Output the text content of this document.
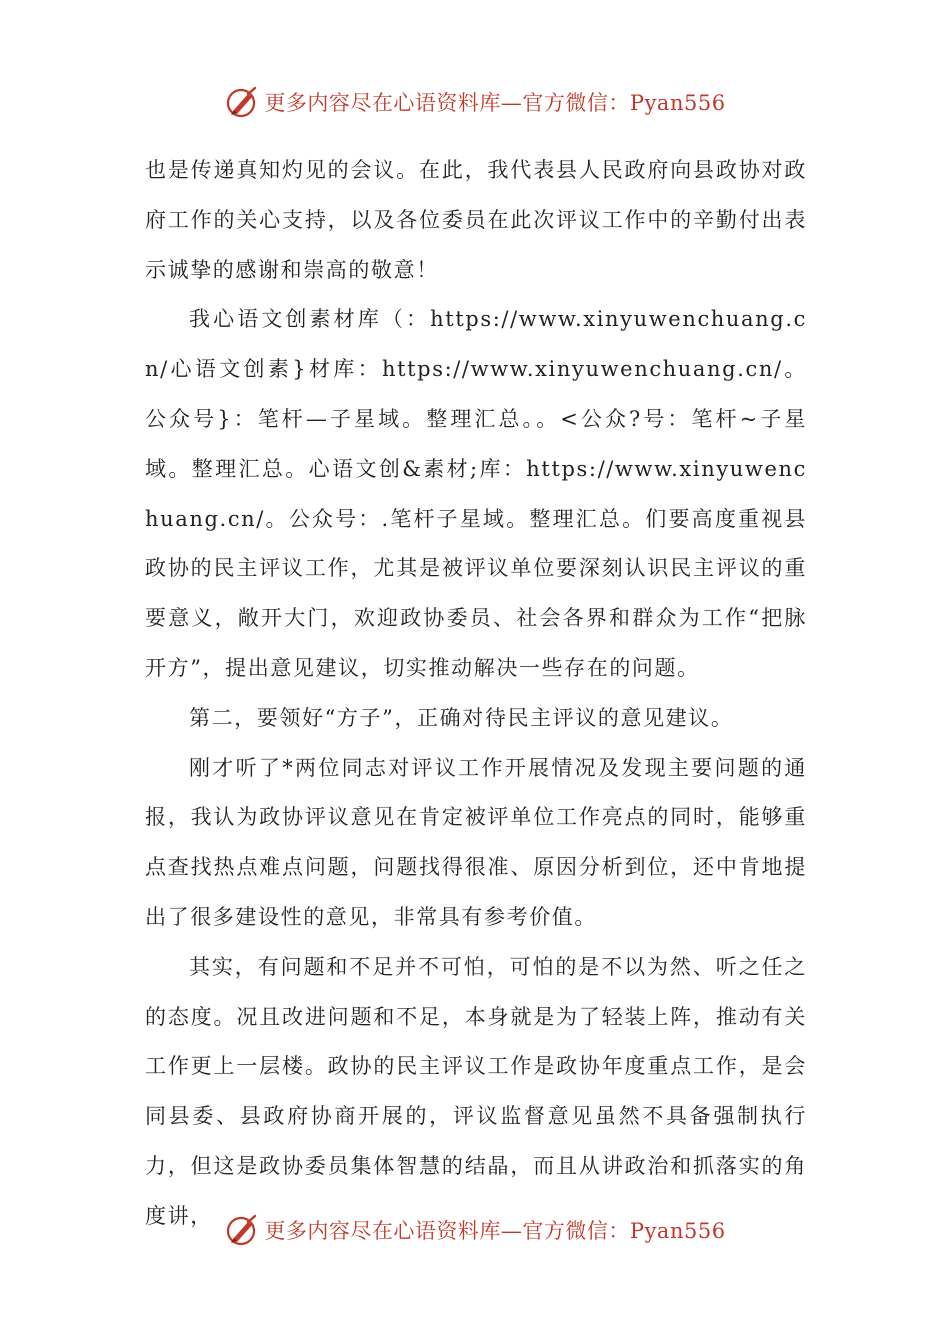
更多内容尽在心语资料库—官方微信：Pyan556

也是传递真知灼见的会议。在此，我代表县人民政府向县政协对政府工作的关心支持，以及各位委员在此次评议工作中的辛勤付出表示诚挚的感谢和崇高的敬意！

我心语文创素材库（：https://www.xinyuwenchuang.cn/心语文创素}材库：https://www.xinyuwenchuang.cn/。公众号}：笔杆—子星域。整理汇总。。<公众?号：笔杆~子星域。整理汇总。心语文创&素材;库：https://www.xinyuwenchuang.cn/。公众号：.笔杆子星域。整理汇总。们要高度重视县政协的民主评议工作，尤其是被评议单位要深刻认识民主评议的重要意义，敞开大门，欢迎政协委员、社会各界和群众为工作“把脉开方”，提出意见建议，切实推动解决一些存在的问题。

第二，要领好“方子”，正确对待民主评议的意见建议。

刚才听了*两位同志对评议工作开展情况及发现主要问题的通报，我认为政协评议意见在肯定被评单位工作亮点的同时，能够重点查找热点难点问题，问题找得很准、原因分析到位，还中肯地提出了很多建设性的意见，非常具有参考价值。

其实，有问题和不足并不可怕，可怕的是不以为然、听之任之的态度。况且改进问题和不足，本身就是为了轻装上阵，推动有关工作更上一层楼。政协的民主评议工作是政协年度重点工作，是会同县委、县政府协商开展的，评议监督意见虽然不具备强制执行力，但这是政协委员集体智慧的结晶，而且从讲政治和抓落实的角度讲，

更多内容尽在心语资料库—官方微信：Pyan556
